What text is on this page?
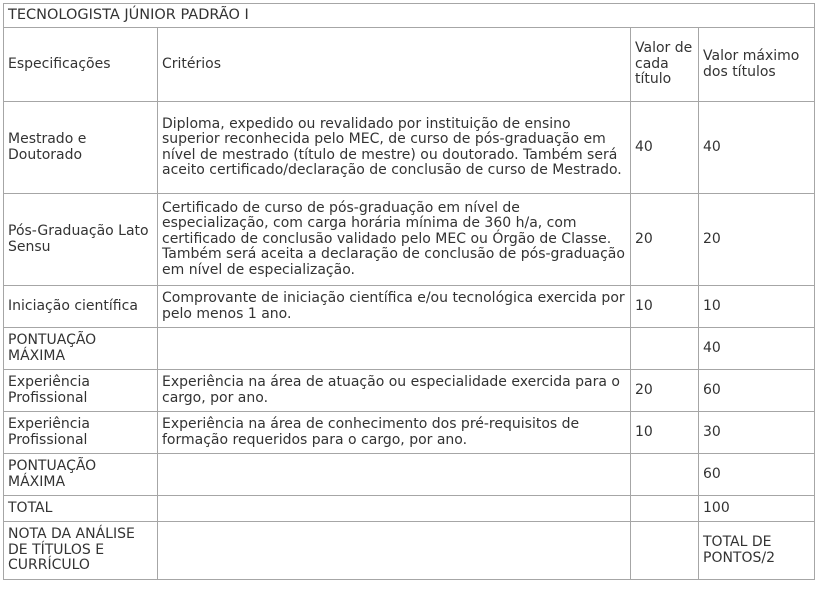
TECNOLOGISTA JÚNIOR PADRÃO I			
Especificações	Critérios	Valor de cada título	Valor máximo dos títulos
Mestrado e Doutorado	Diploma, expedido ou revalidado por instituição de ensino superior reconhecida pelo MEC, de curso de pós-graduação em nível de mestrado (título de mestre) ou doutorado. Também será aceito certificado/declaração de conclusão de curso de Mestrado.	40	40
Pós-Graduação Lato Sensu	Certificado de curso de pós-graduação em nível de especialização, com carga horária mínima de 360 h/a, com certificado de conclusão validado pelo MEC ou Órgão de Classe. Também será aceita a declaração de conclusão de pós-graduação em nível de especialização.	20	20
Iniciação científica	Comprovante de iniciação científica e/ou tecnológica exercida por pelo menos 1 ano.	10	10
PONTUAÇÃO MÁXIMA			40
Experiência Profissional	Experiência na área de atuação ou especialidade exercida para o cargo, por ano.	20	60
Experiência Profissional	Experiência na área de conhecimento dos pré-requisitos de formação requeridos para o cargo, por ano.	10	30
PONTUAÇÃO MÁXIMA			60
TOTAL			100
NOTA DA ANÁLISE DE TÍTULOS E CURRÍCULO			TOTAL DE PONTOS/2
